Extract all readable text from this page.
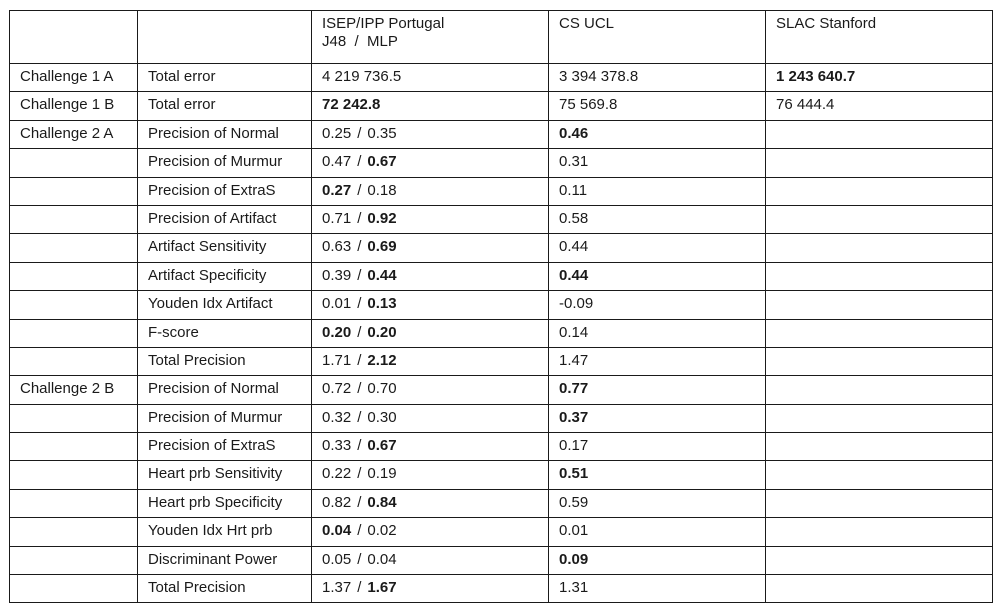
		ISEP/IPP Portugal
J48  /  MLP	CS UCL	SLAC Stanford
Challenge 1 A	Total error	4 219 736.5	3 394 378.8	1 243 640.7
Challenge 1 B	Total error	72 242.8	75 569.8	76 444.4
Challenge 2 A	Precision of Normal	0.25 / 0.35	0.46	
	Precision of Murmur	0.47 / 0.67	0.31	
	Precision of ExtraS	0.27 / 0.18	0.11	
	Precision of Artifact	0.71 / 0.92	0.58	
	Artifact Sensitivity	0.63 / 0.69	0.44	
	Artifact Specificity	0.39 / 0.44	0.44	
	Youden Idx Artifact	0.01 / 0.13	-0.09	
	F-score	0.20 / 0.20	0.14	
	Total Precision	1.71 / 2.12	1.47	
Challenge 2 B	Precision of Normal	0.72 / 0.70	0.77	
	Precision of Murmur	0.32 / 0.30	0.37	
	Precision of ExtraS	0.33 / 0.67	0.17	
	Heart prb Sensitivity	0.22 / 0.19	0.51	
	Heart prb Specificity	0.82 / 0.84	0.59	
	Youden Idx Hrt prb	0.04 / 0.02	0.01	
	Discriminant Power	0.05 / 0.04	0.09	
	Total Precision	1.37 / 1.67	1.31	
